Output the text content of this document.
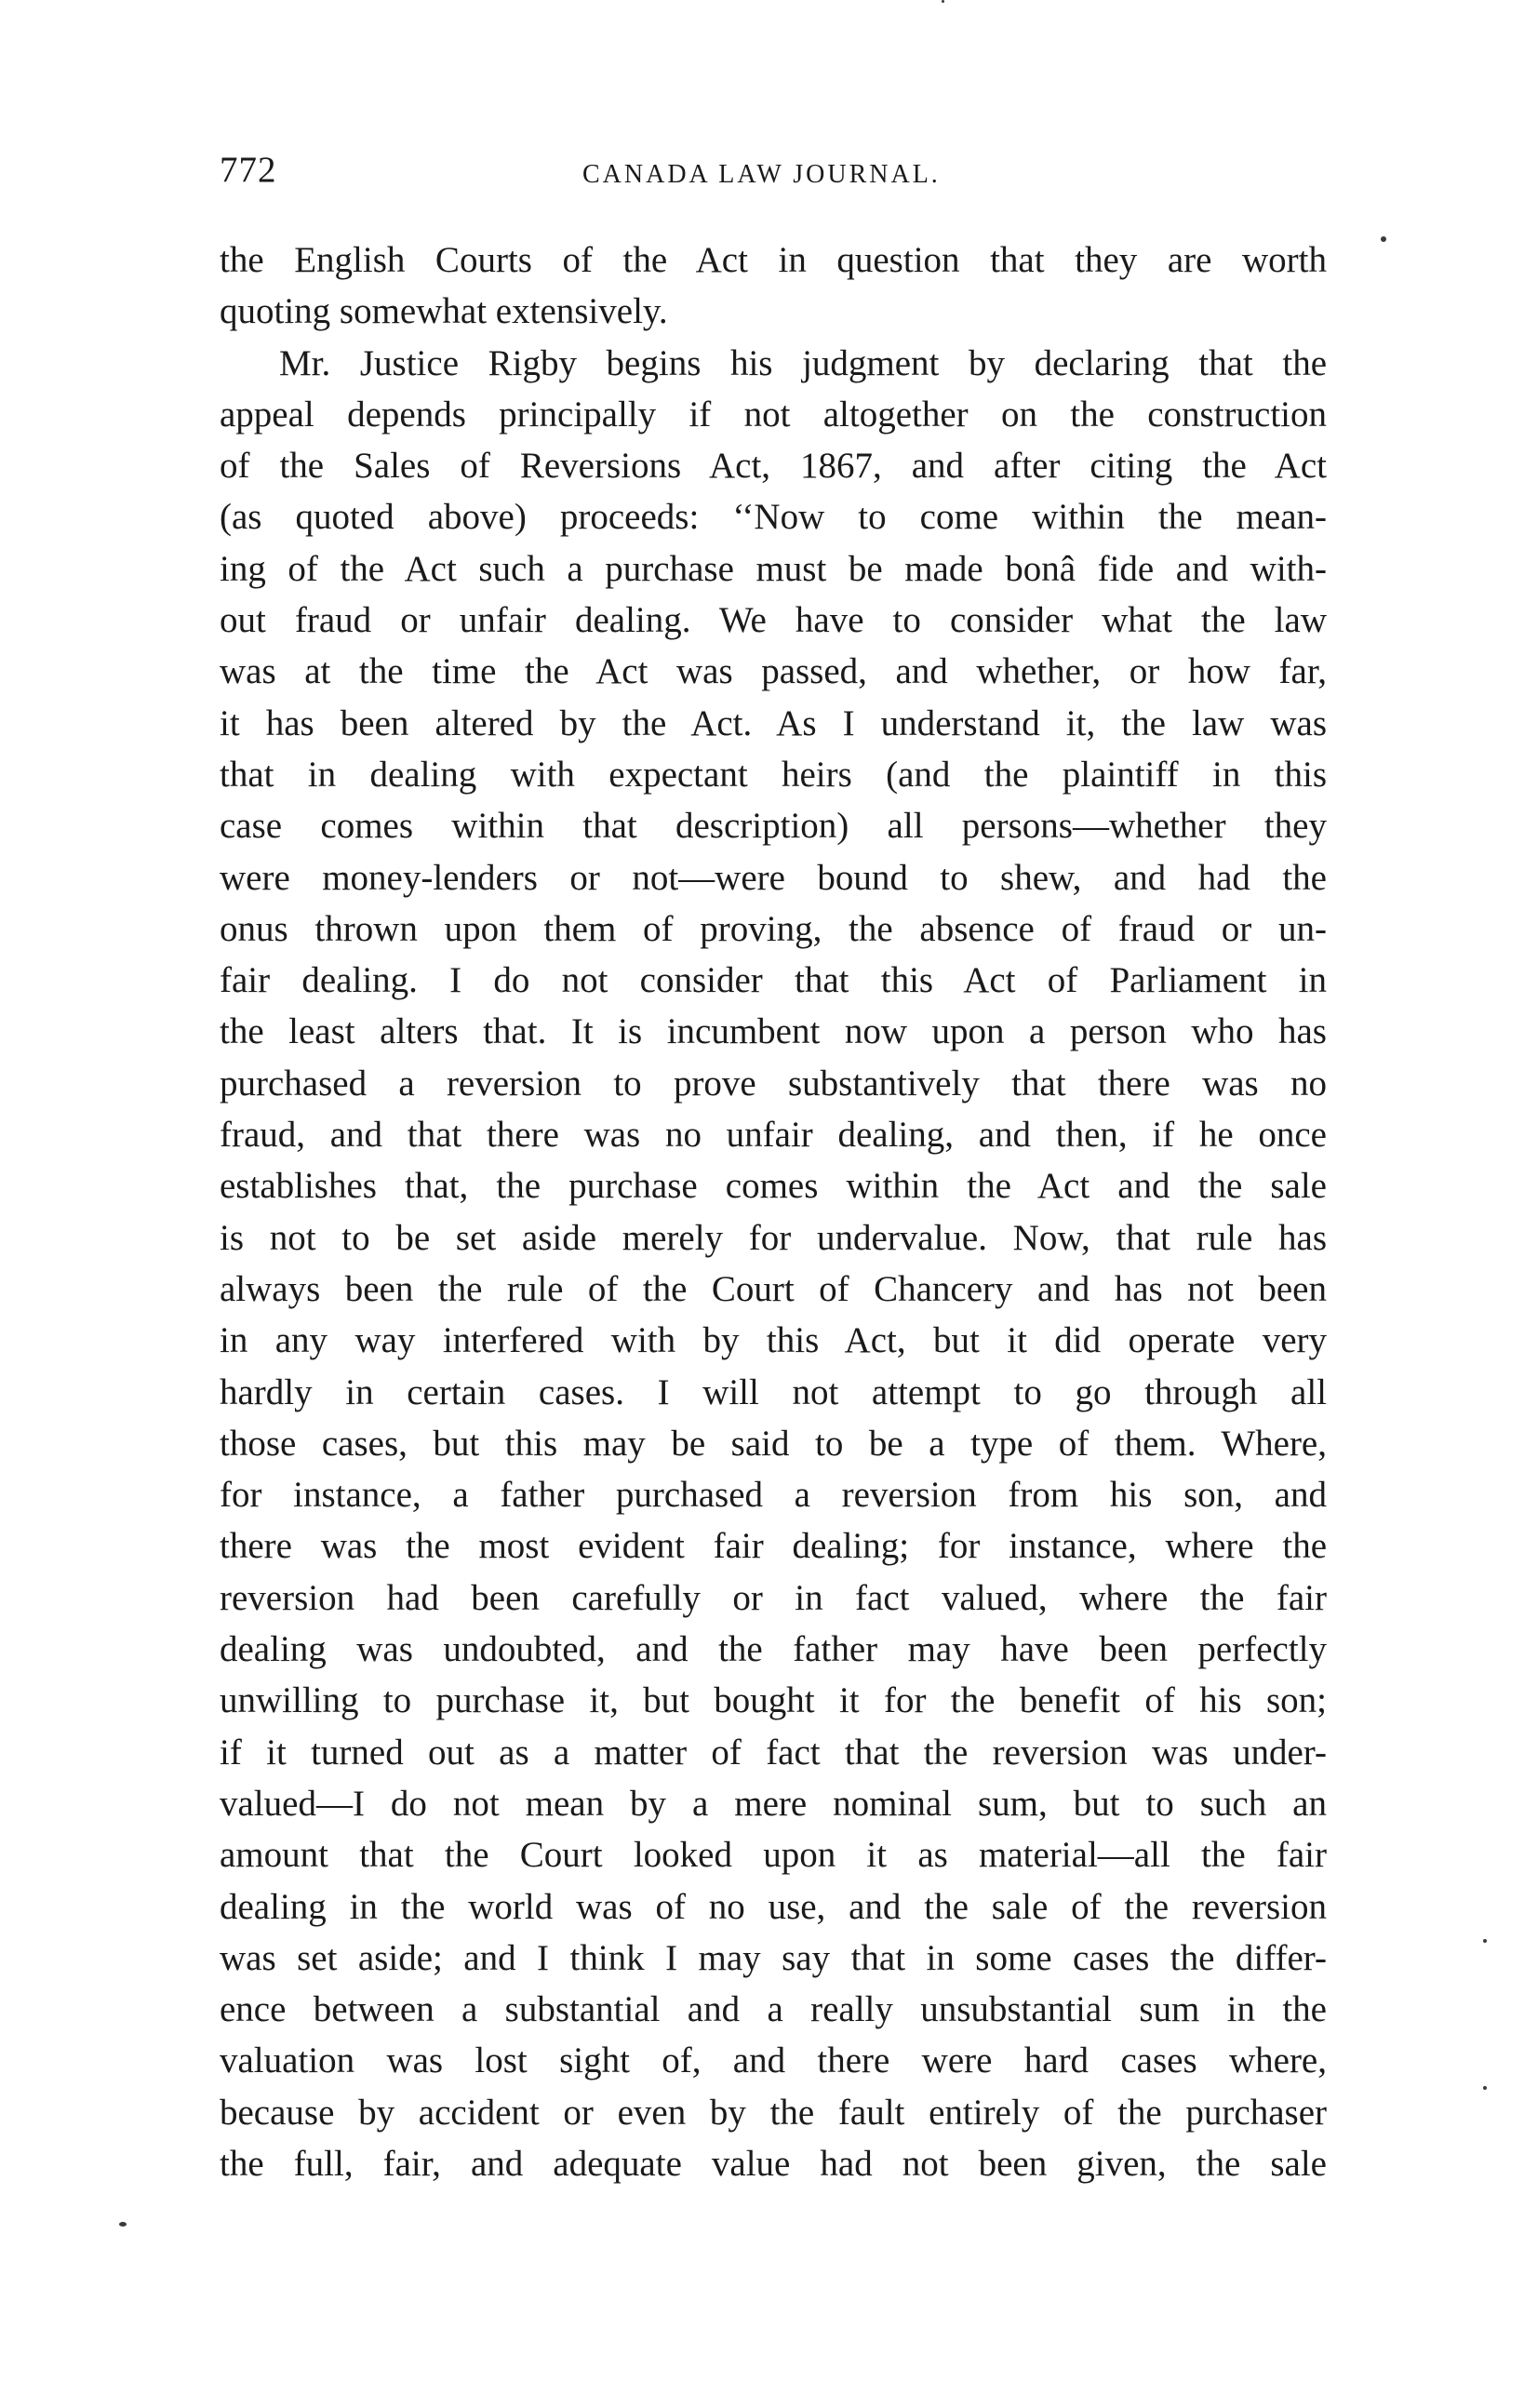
772	CANADA LAW JOURNAL.
the English Courts of the Act in question that they are worth
quoting somewhat extensively.
Mr. Justice Rigby begins his judgment by declaring that the
appeal depends principally if not altogether on the construction
of the Sales of Reversions Act, 1867, and after citing the Act
(as quoted above) proceeds: ‘‘Now to come within the mean-
ing of the Act such a purchase must be made bonâ fide and with-
out fraud or unfair dealing. We have to consider what the law
was at the time the Act was passed, and whether, or how far,
it has been altered by the Act. As I understand it, the law was
that in dealing with expectant heirs (and the plaintiff in this
case comes within that description) all persons—whether they
were money-lenders or not—were bound to shew, and had the
onus thrown upon them of proving, the absence of fraud or un-
fair dealing. I do not consider that this Act of Parliament in
the least alters that. It is incumbent now upon a person who has
purchased a reversion to prove substantively that there was no
fraud, and that there was no unfair dealing, and then, if he once
establishes that, the purchase comes within the Act and the sale
is not to be set aside merely for undervalue. Now, that rule has
always been the rule of the Court of Chancery and has not been
in any way interfered with by this Act, but it did operate very
hardly in certain cases. I will not attempt to go through all
those cases, but this may be said to be a type of them. Where,
for instance, a father purchased a reversion from his son, and
there was the most evident fair dealing; for instance, where the
reversion had been carefully or in fact valued, where the fair
dealing was undoubted, and the father may have been perfectly
unwilling to purchase it, but bought it for the benefit of his son;
if it turned out as a matter of fact that the reversion was under-
valued—I do not mean by a mere nominal sum, but to such an
amount that the Court looked upon it as material—all the fair
dealing in the world was of no use, and the sale of the reversion
was set aside; and I think I may say that in some cases the differ-
ence between a substantial and a really unsubstantial sum in the
valuation was lost sight of, and there were hard cases where,
because by accident or even by the fault entirely of the purchaser
the full, fair, and adequate value had not been given, the sale
